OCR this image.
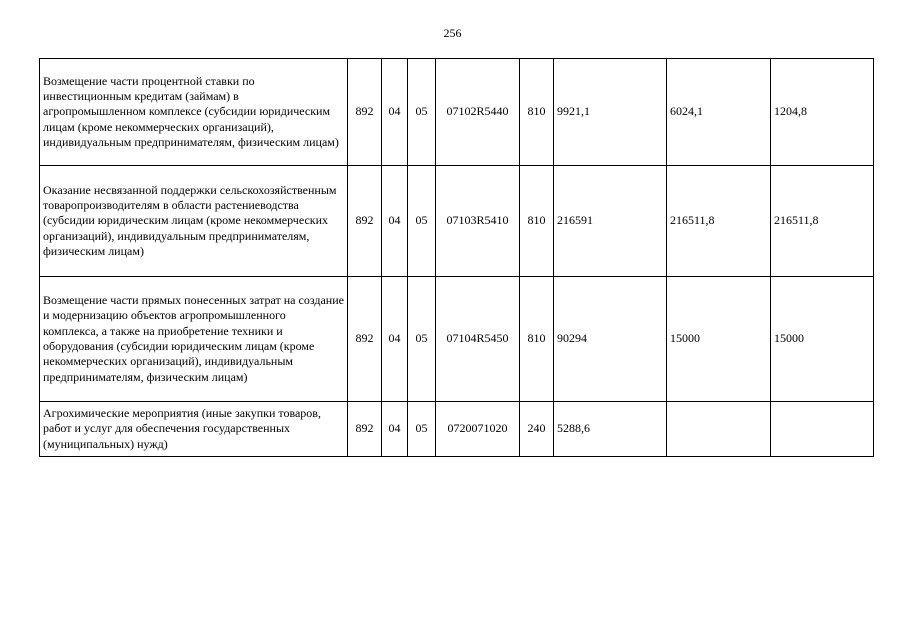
256
Возмещение части процентной ставки по инвестиционным кредитам (займам) в агропромышленном комплексе (субсидии юридическим лицам (кроме некоммерческих организаций), индивидуальным предпринимателям, физическим лицам)	892	04	05	07102R5440	810	9921,1	6024,1	1204,8
Оказание несвязанной поддержки сельскохозяйственным товаропроизводителям в области растениеводства (субсидии юридическим лицам (кроме некоммерческих организаций), индивидуальным предпринимателям, физическим лицам)	892	04	05	07103R5410	810	216591	216511,8	216511,8
Возмещение части прямых понесенных затрат на создание и модернизацию объектов агропромышленного комплекса, а также на приобретение техники и оборудования (субсидии юридическим лицам (кроме некоммерческих организаций), индивидуальным предпринимателям, физическим лицам)	892	04	05	07104R5450	810	90294	15000	15000
Агрохимические мероприятия (иные закупки товаров, работ и услуг для обеспечения государственных (муниципальных) нужд)	892	04	05	0720071020	240	5288,6		
